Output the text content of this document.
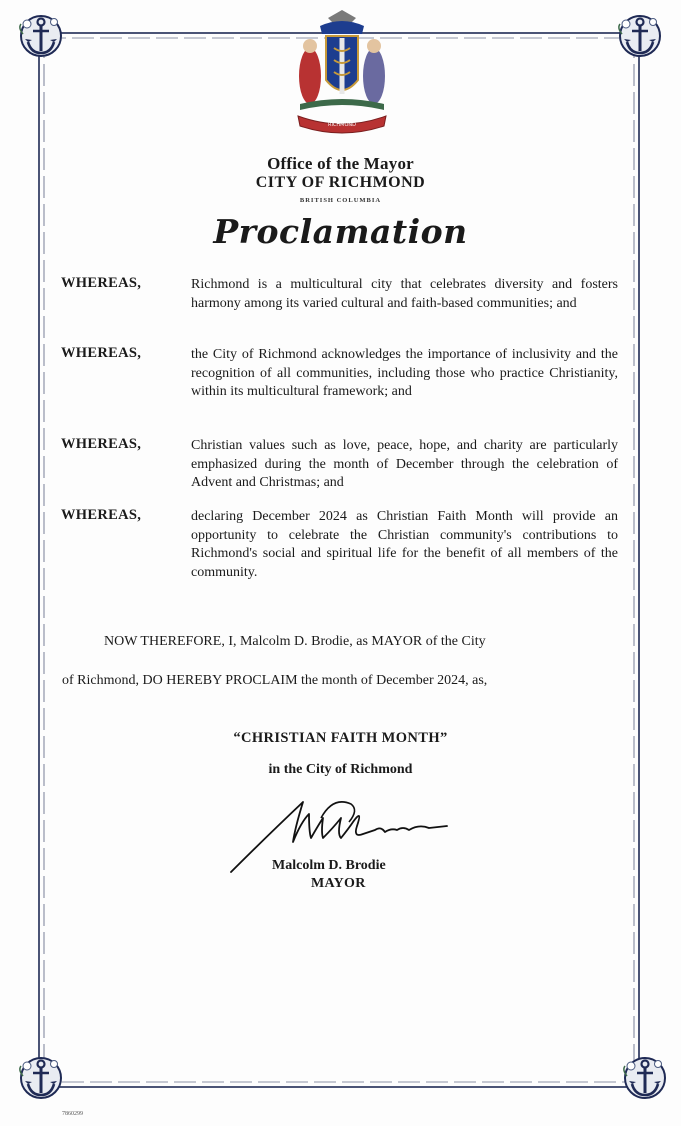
RICHMOND
Office of the Mayor
CITY OF RICHMOND
BRITISH COLUMBIA
Proclamation
WHEREAS,	Richmond is a multicultural city that celebrates diversity and fosters harmony among its varied cultural and faith-based communities; and
WHEREAS,	the City of Richmond acknowledges the importance of inclusivity and the recognition of all communities, including those who practice Christianity, within its multicultural framework; and
WHEREAS,	Christian values such as love, peace, hope, and charity are particularly emphasized during the month of December through the celebration of Advent and Christmas; and
WHEREAS,	declaring December 2024 as Christian Faith Month will provide an opportunity to celebrate the Christian community's contributions to Richmond's social and spiritual life for the benefit of all members of the community.
NOW THEREFORE, I, Malcolm D. Brodie, as MAYOR of the City
of Richmond, DO HEREBY PROCLAIM the month of December 2024, as,
“CHRISTIAN FAITH MONTH”
in the City of Richmond
Malcolm D. Brodie
MAYOR
7860299
